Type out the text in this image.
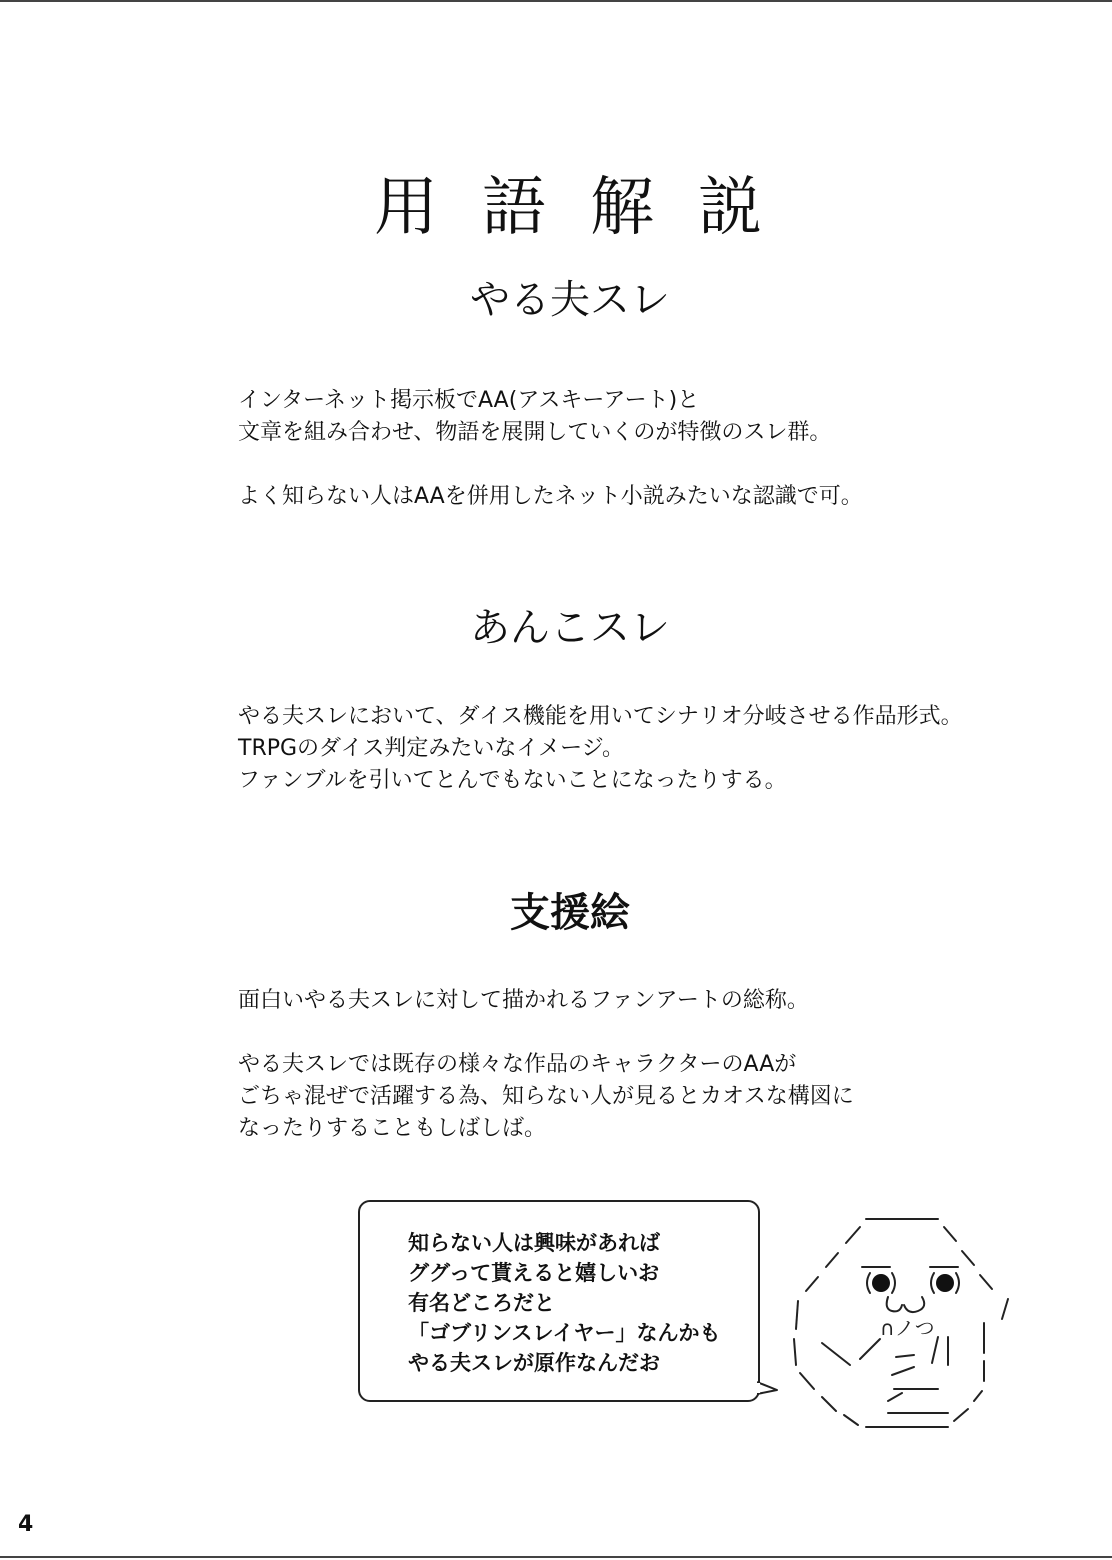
用語解説
やる夫スレ

インターネット掲示板でAA(アスキーアート)と

文章を組み合わせ、物語を展開していくのが特徴のスレ群。

よく知らない人はAAを併用したネット小説みたいな認識で可。

あんこスレ

やる夫スレにおいて、ダイス機能を用いてシナリオ分岐させる作品形式。

TRPGのダイス判定みたいなイメージ。

ファンブルを引いてとんでもないことになったりする。

支援絵

面白いやる夫スレに対して描かれるファンアートの総称。

やる夫スレでは既存の様々な作品のキャラクターのAAが

ごちゃ混ぜで活躍する為、知らない人が見るとカオスな構図に

なったりすることもしばしば。

知らない人は興味があれば

ググって貰えると嬉しいお

有名どころだと

「ゴブリンスレイヤー」なんかも

やる夫スレが原作なんだお

∩ノつ
4
